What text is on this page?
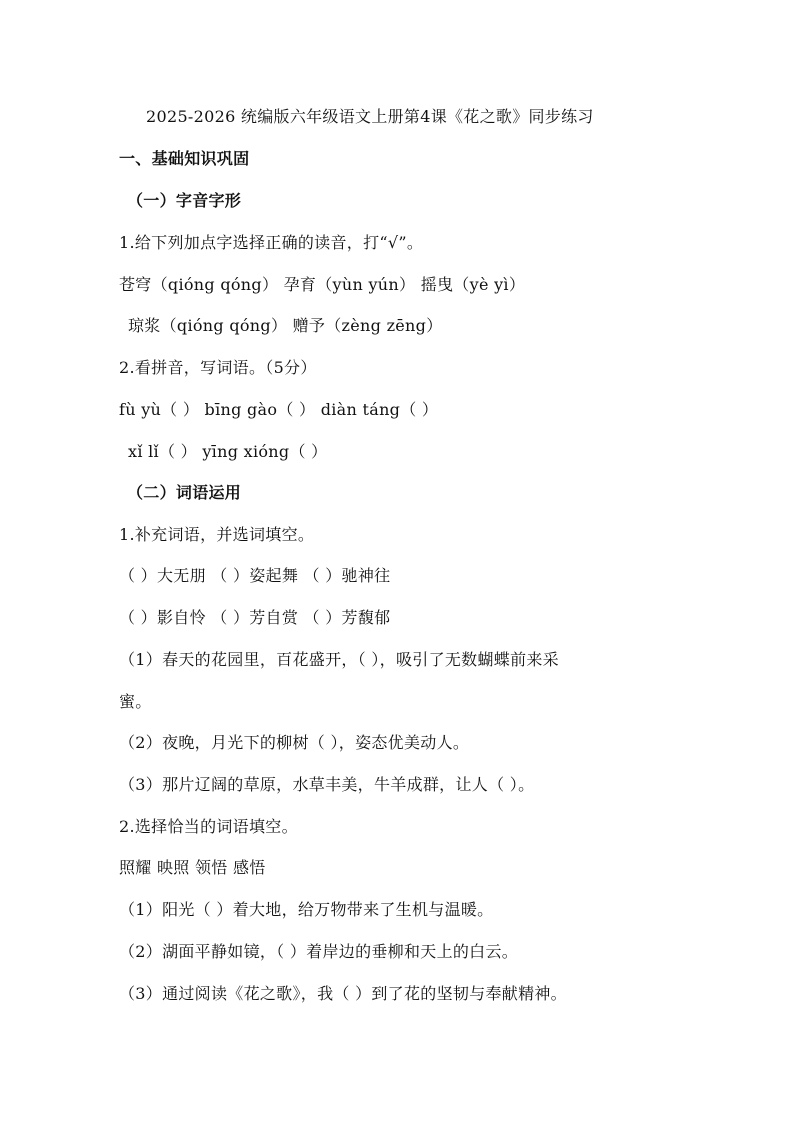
2025-2026 统编版六年级语文上册第4课《花之歌》同步练习
一、基础知识巩固
（一）字音字形
1.给下列加点字选择正确的读音，打“√”。
苍穹（qióng qóng） 孕育（yùn yún） 摇曳（yè yì）
琼浆（qióng qóng） 赠予（zèng zēng）
2.看拼音，写词语。（5分）
fù yù（ ） bīng gào（ ） diàn táng（ ）
xǐ lǐ（ ） yīng xióng（ ）
（二）词语运用
1.补充词语，并选词填空。
（ ）大无朋 （ ）姿起舞 （ ）驰神往
（ ）影自怜 （ ）芳自赏 （ ）芳馥郁
（1）春天的花园里，百花盛开，（ ），吸引了无数蝴蝶前来采
蜜。
（2）夜晚，月光下的柳树（ ），姿态优美动人。
（3）那片辽阔的草原，水草丰美，牛羊成群，让人（ ）。
2.选择恰当的词语填空。
照耀 映照 领悟 感悟
（1）阳光（ ）着大地，给万物带来了生机与温暖。
（2）湖面平静如镜，（ ）着岸边的垂柳和天上的白云。
（3）通过阅读《花之歌》，我（ ）到了花的坚韧与奉献精神。
